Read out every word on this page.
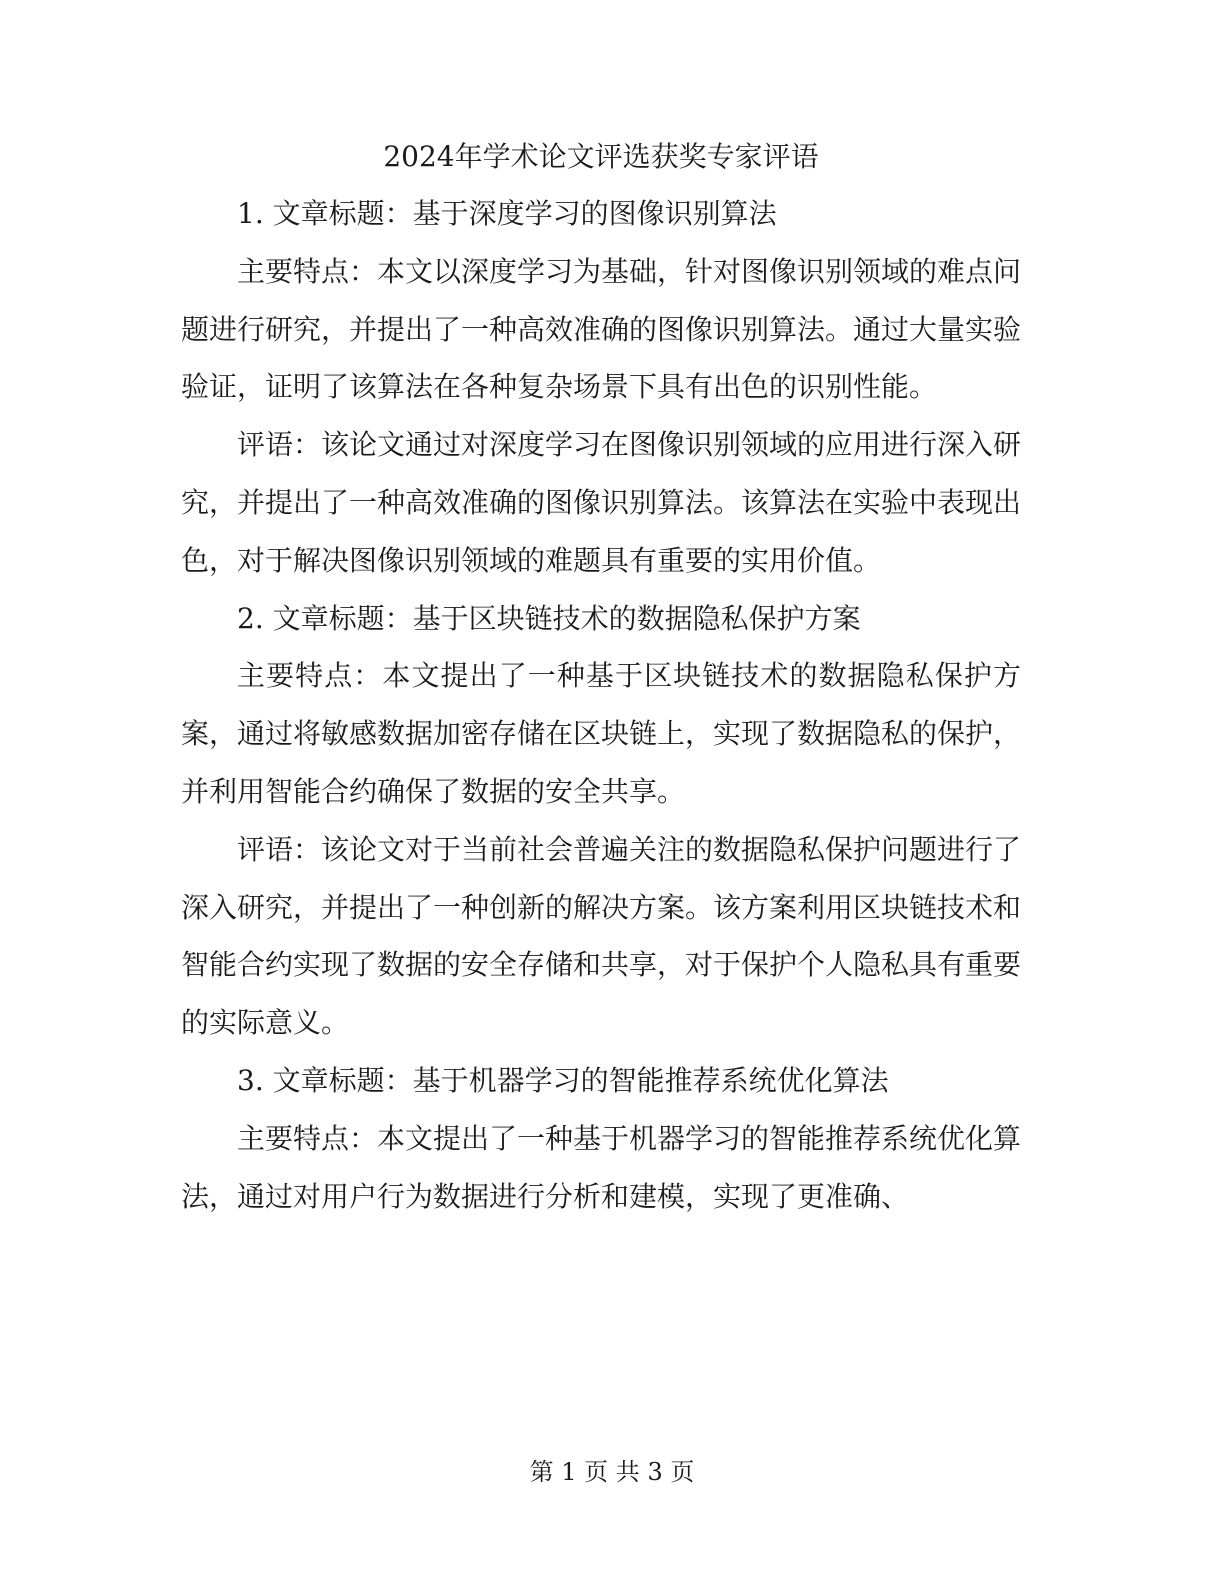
2024年学术论文评选获奖专家评语

1. 文章标题：基于深度学习的图像识别算法

主要特点：本文以深度学习为基础，针对图像识别领域的难点问题进行研究，并提出了一种高效准确的图像识别算法。通过大量实验验证，证明了该算法在各种复杂场景下具有出色的识别性能。

评语：该论文通过对深度学习在图像识别领域的应用进行深入研究，并提出了一种高效准确的图像识别算法。该算法在实验中表现出色，对于解决图像识别领域的难题具有重要的实用价值。

2. 文章标题：基于区块链技术的数据隐私保护方案

主要特点：本文提出了一种基于区块链技术的数据隐私保护方案，通过将敏感数据加密存储在区块链上，实现了数据隐私的保护，并利用智能合约确保了数据的安全共享。

评语：该论文对于当前社会普遍关注的数据隐私保护问题进行了深入研究，并提出了一种创新的解决方案。该方案利用区块链技术和智能合约实现了数据的安全存储和共享，对于保护个人隐私具有重要的实际意义。

3. 文章标题：基于机器学习的智能推荐系统优化算法

主要特点：本文提出了一种基于机器学习的智能推荐系统优化算法，通过对用户行为数据进行分析和建模，实现了更准确、

第 1 页 共 3 页
